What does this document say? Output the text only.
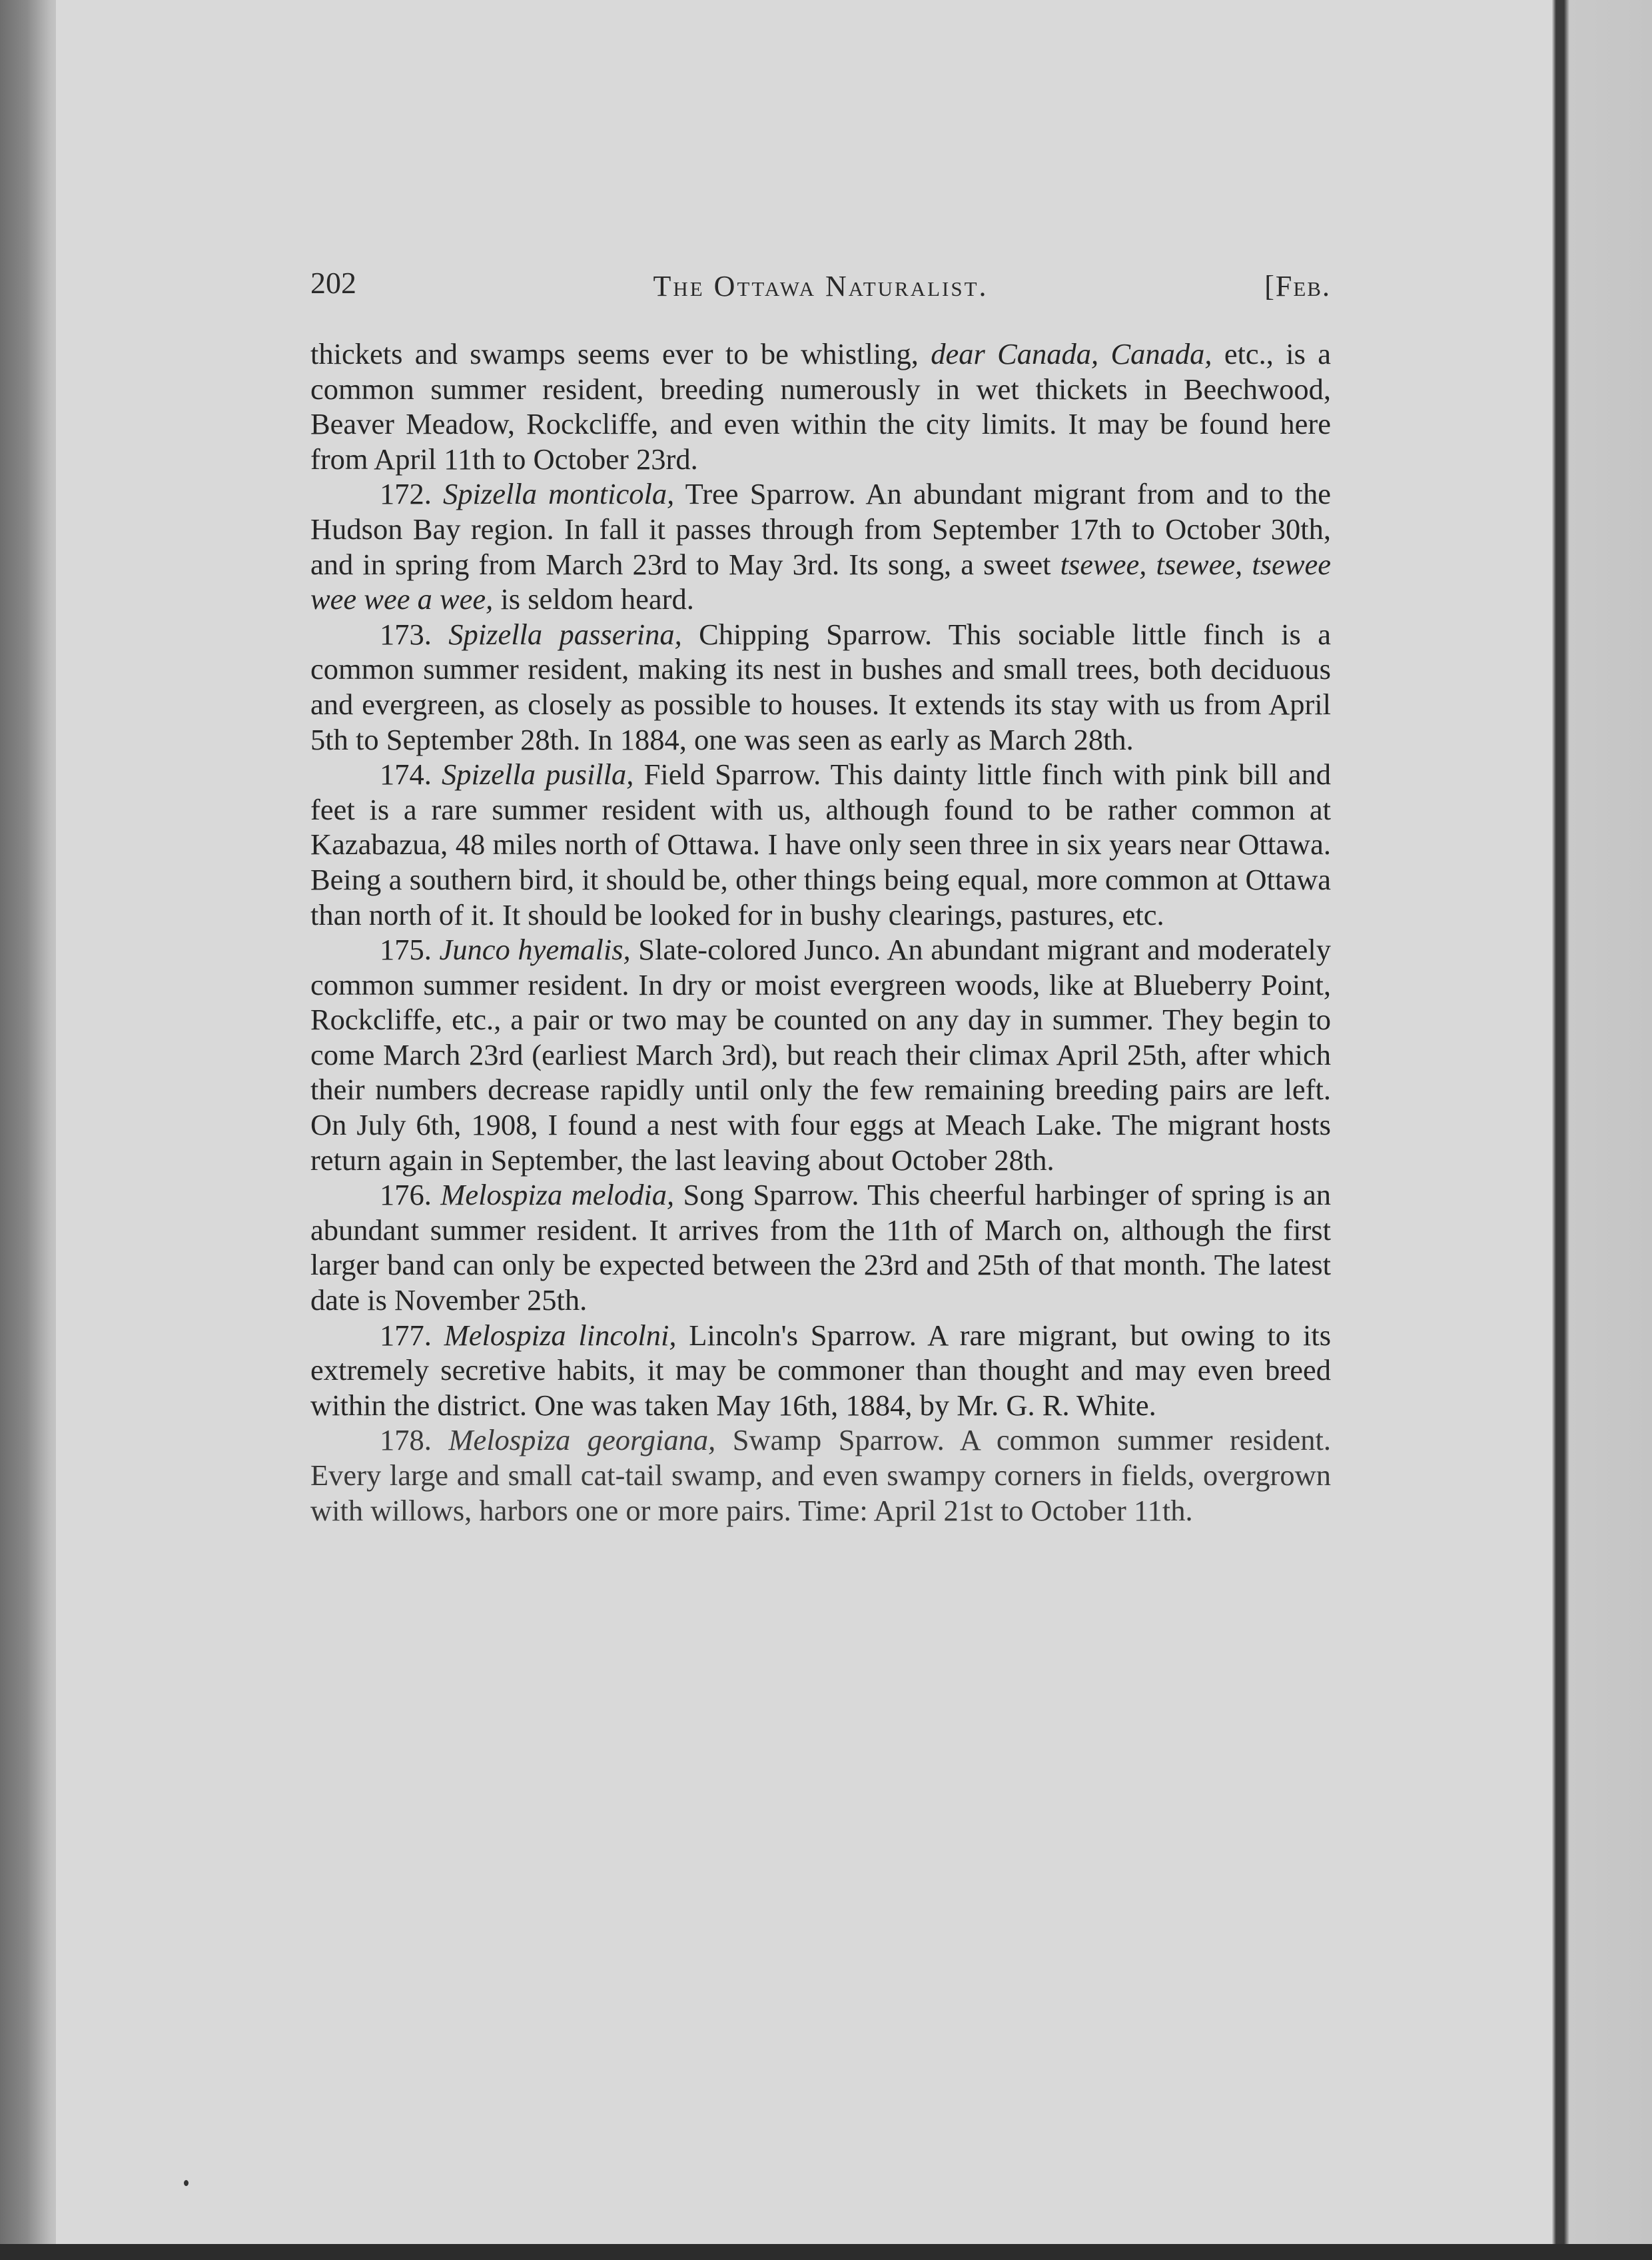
202	The Ottawa Naturalist.	[Feb.

thickets and swamps seems ever to be whistling, dear Canada, Canada, etc., is a common summer resident, breeding numerously in wet thickets in Beechwood, Beaver Meadow, Rockcliffe, and even within the city limits. It may be found here from April 11th to October 23rd.

172. Spizella monticola, Tree Sparrow. An abundant migrant from and to the Hudson Bay region. In fall it passes through from September 17th to October 30th, and in spring from March 23rd to May 3rd. Its song, a sweet tsewee, tsewee, tsewee wee wee a wee, is seldom heard.

173. Spizella passerina, Chipping Sparrow. This sociable little finch is a common summer resident, making its nest in bushes and small trees, both deciduous and evergreen, as closely as possible to houses. It extends its stay with us from April 5th to September 28th. In 1884, one was seen as early as March 28th.

174. Spizella pusilla, Field Sparrow. This dainty little finch with pink bill and feet is a rare summer resident with us, although found to be rather common at Kazabazua, 48 miles north of Ottawa. I have only seen three in six years near Ottawa. Being a southern bird, it should be, other things being equal, more common at Ottawa than north of it. It should be looked for in bushy clearings, pastures, etc.

175. Junco hyemalis, Slate-colored Junco. An abundant migrant and moderately common summer resident. In dry or moist evergreen woods, like at Blueberry Point, Rockcliffe, etc., a pair or two may be counted on any day in summer. They begin to come March 23rd (earliest March 3rd), but reach their climax April 25th, after which their numbers decrease rapidly until only the few remaining breeding pairs are left. On July 6th, 1908, I found a nest with four eggs at Meach Lake. The migrant hosts return again in September, the last leaving about October 28th.

176. Melospiza melodia, Song Sparrow. This cheerful harbinger of spring is an abundant summer resident. It arrives from the 11th of March on, although the first larger band can only be expected between the 23rd and 25th of that month. The latest date is November 25th.

177. Melospiza lincolni, Lincoln's Sparrow. A rare migrant, but owing to its extremely secretive habits, it may be commoner than thought and may even breed within the district. One was taken May 16th, 1884, by Mr. G. R. White.

178. Melospiza georgiana, Swamp Sparrow. A common summer resident. Every large and small cat-tail swamp, and even swampy corners in fields, overgrown with willows, harbors one or more pairs. Time: April 21st to October 11th.
